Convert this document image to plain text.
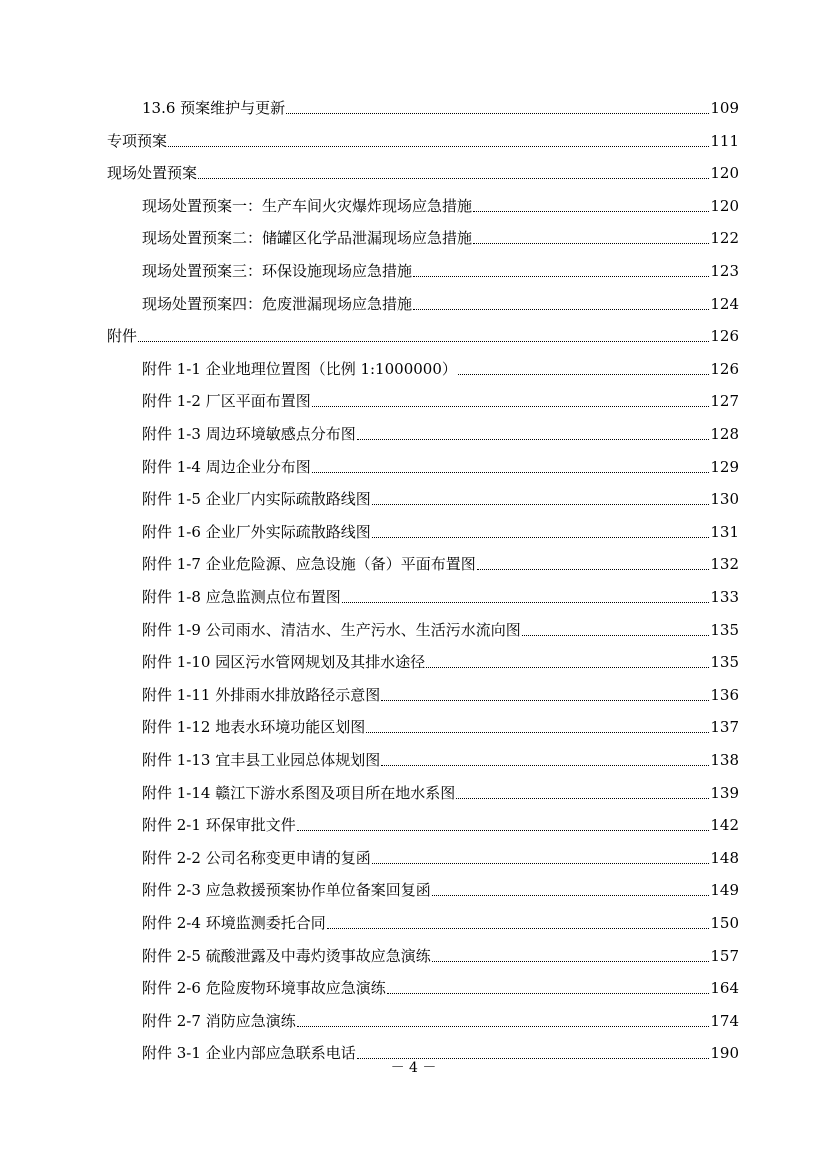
13.6 预案维护与更新	109
专项预案	111
现场处置预案	120
现场处置预案一：生产车间火灾爆炸现场应急措施	120
现场处置预案二：储罐区化学品泄漏现场应急措施	122
现场处置预案三：环保设施现场应急措施	123
现场处置预案四：危废泄漏现场应急措施	124
附件	126
附件 1-1 企业地理位置图（比例 1:1000000）	126
附件 1-2 厂区平面布置图	127
附件 1-3 周边环境敏感点分布图	128
附件 1-4 周边企业分布图	129
附件 1-5 企业厂内实际疏散路线图	130
附件 1-6 企业厂外实际疏散路线图	131
附件 1-7 企业危险源、应急设施（备）平面布置图	132
附件 1-8 应急监测点位布置图	133
附件 1-9 公司雨水、清洁水、生产污水、生活污水流向图	135
附件 1-10 园区污水管网规划及其排水途径	135
附件 1-11 外排雨水排放路径示意图	136
附件 1-12 地表水环境功能区划图	137
附件 1-13 宜丰县工业园总体规划图	138
附件 1-14 赣江下游水系图及项目所在地水系图	139
附件 2-1 环保审批文件	142
附件 2-2 公司名称变更申请的复函	148
附件 2-3 应急救援预案协作单位备案回复函	149
附件 2-4 环境监测委托合同	150
附件 2-5 硫酸泄露及中毒灼烫事故应急演练	157
附件 2-6 危险废物环境事故应急演练	164
附件 2-7 消防应急演练	174
附件 3-1 企业内部应急联系电话	190
－ 4 －
